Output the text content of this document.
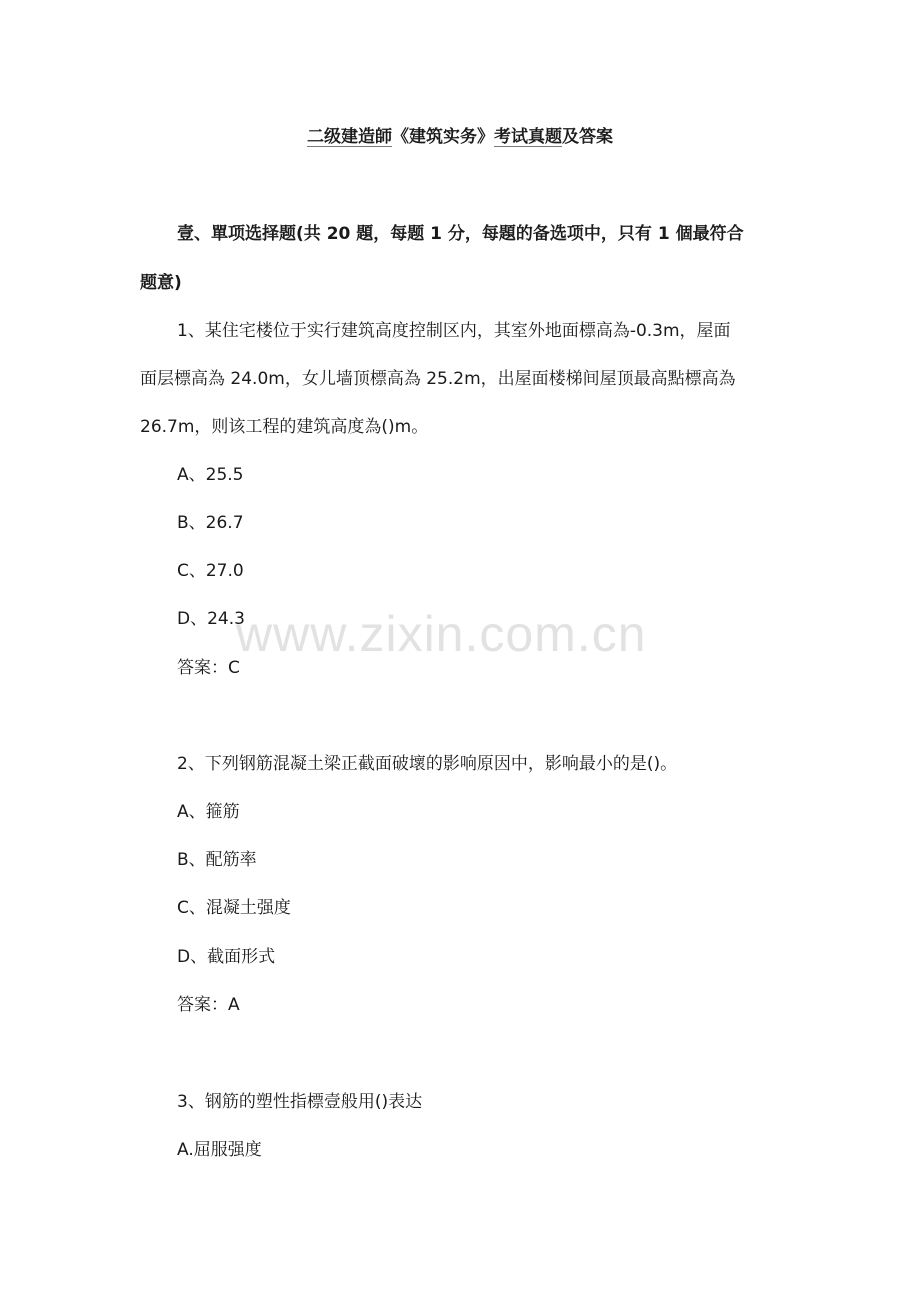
二级建造師《建筑实务》考试真题及答案
壹、單项选择题(共 20 題，每题 1 分，每題的备选项中，只有 1 個最符合
题意)
1、某住宅楼位于实行建筑高度控制区内，其室外地面標高為-0.3m，屋面
面层標高為 24.0m，女儿墙顶標高為 25.2m，出屋面楼梯间屋顶最高點標高為
26.7m，则该工程的建筑高度為()m。
A、25.5
B、26.7
C、27.0
D、24.3
答案：C
2、下列钢筋混凝土梁正截面破壞的影响原因中，影响最小的是()。
A、箍筋
B、配筋率
C、混凝土强度
D、截面形式
答案：A
3、钢筋的塑性指標壹般用()表达
A.屈服强度
www.zixin.com.cn
